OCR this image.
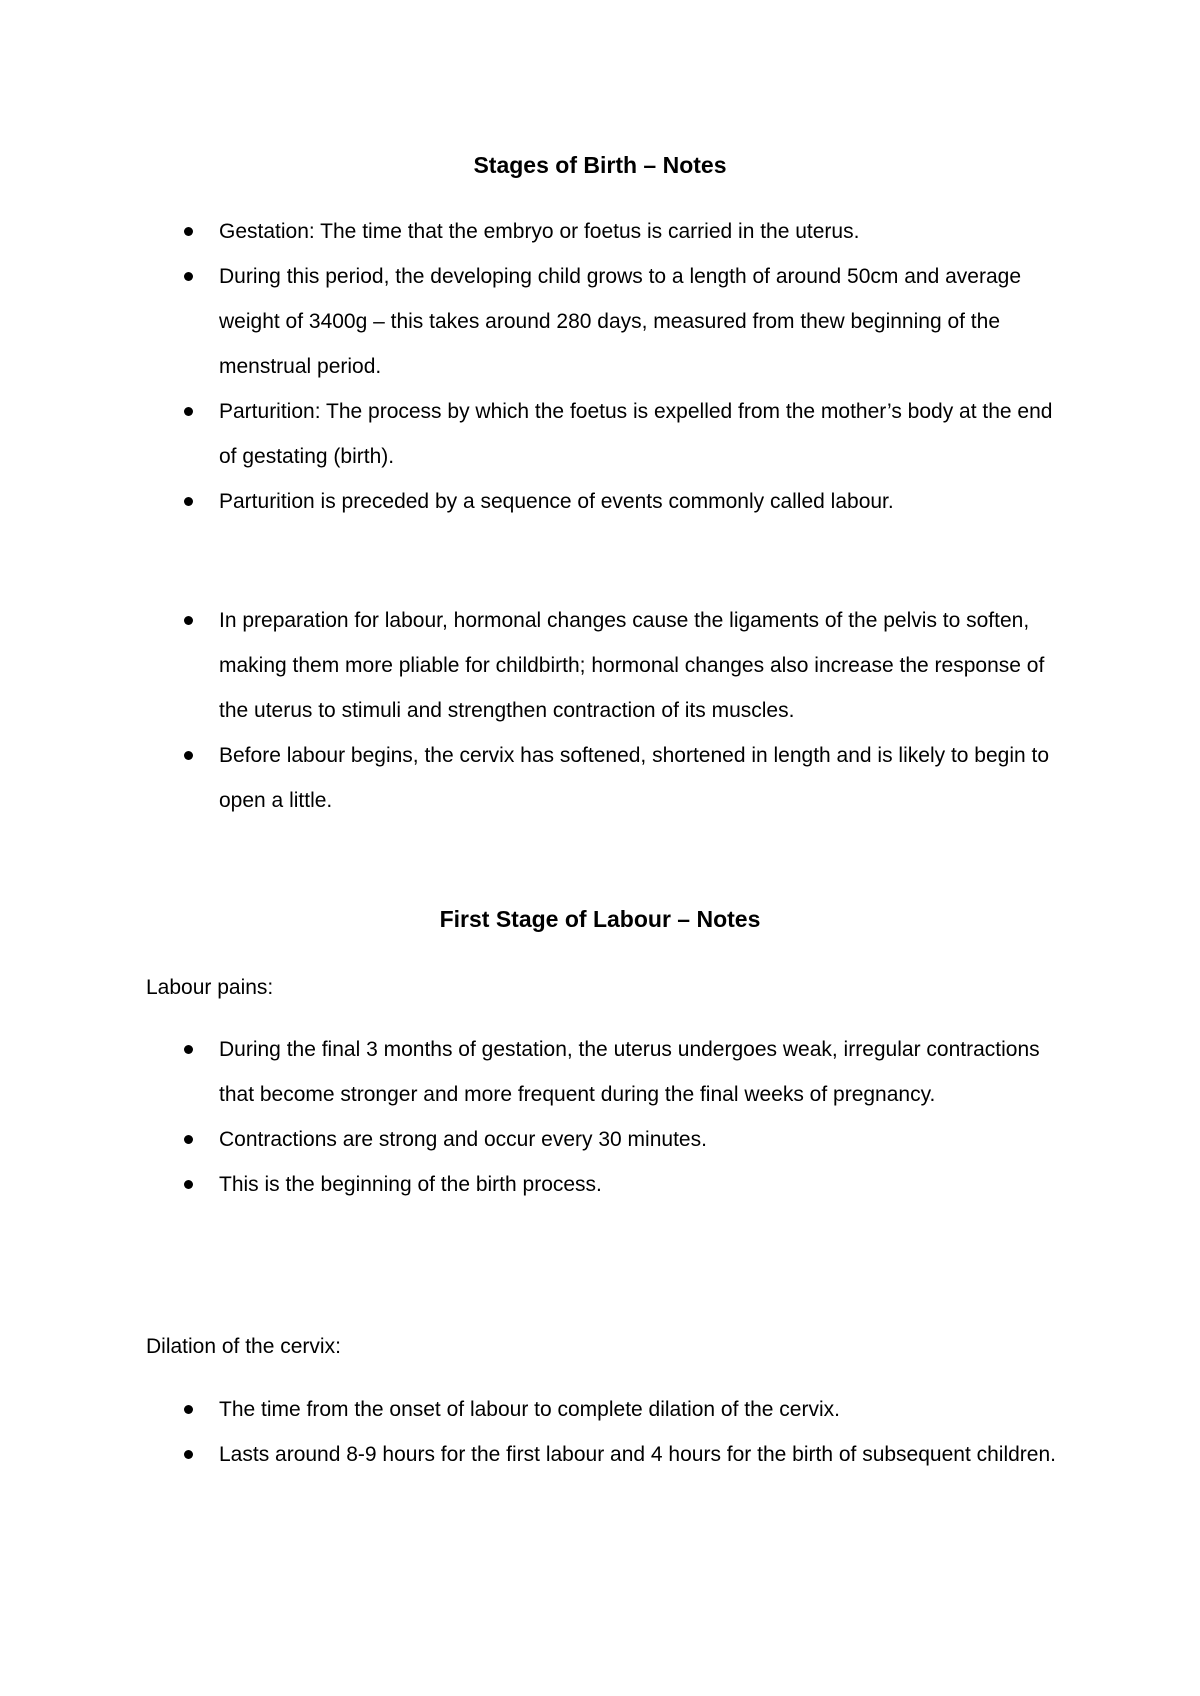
Stages of Birth – Notes
Gestation: The time that the embryo or foetus is carried in the uterus.
During this period, the developing child grows to a length of around 50cm and average weight of 3400g – this takes around 280 days, measured from thew beginning of the menstrual period.
Parturition: The process by which the foetus is expelled from the mother’s body at the end of gestating (birth).
Parturition is preceded by a sequence of events commonly called labour.
In preparation for labour, hormonal changes cause the ligaments of the pelvis to soften, making them more pliable for childbirth; hormonal changes also increase the response of the uterus to stimuli and strengthen contraction of its muscles.
Before labour begins, the cervix has softened, shortened in length and is likely to begin to open a little.
First Stage of Labour – Notes

Labour pains:

During the final 3 months of gestation, the uterus undergoes weak, irregular contractions that become stronger and more frequent during the final weeks of pregnancy.
Contractions are strong and occur every 30 minutes.
This is the beginning of the birth process.

Dilation of the cervix:

The time from the onset of labour to complete dilation of the cervix.
Lasts around 8-9 hours for the first labour and 4 hours for the birth of subsequent children.
